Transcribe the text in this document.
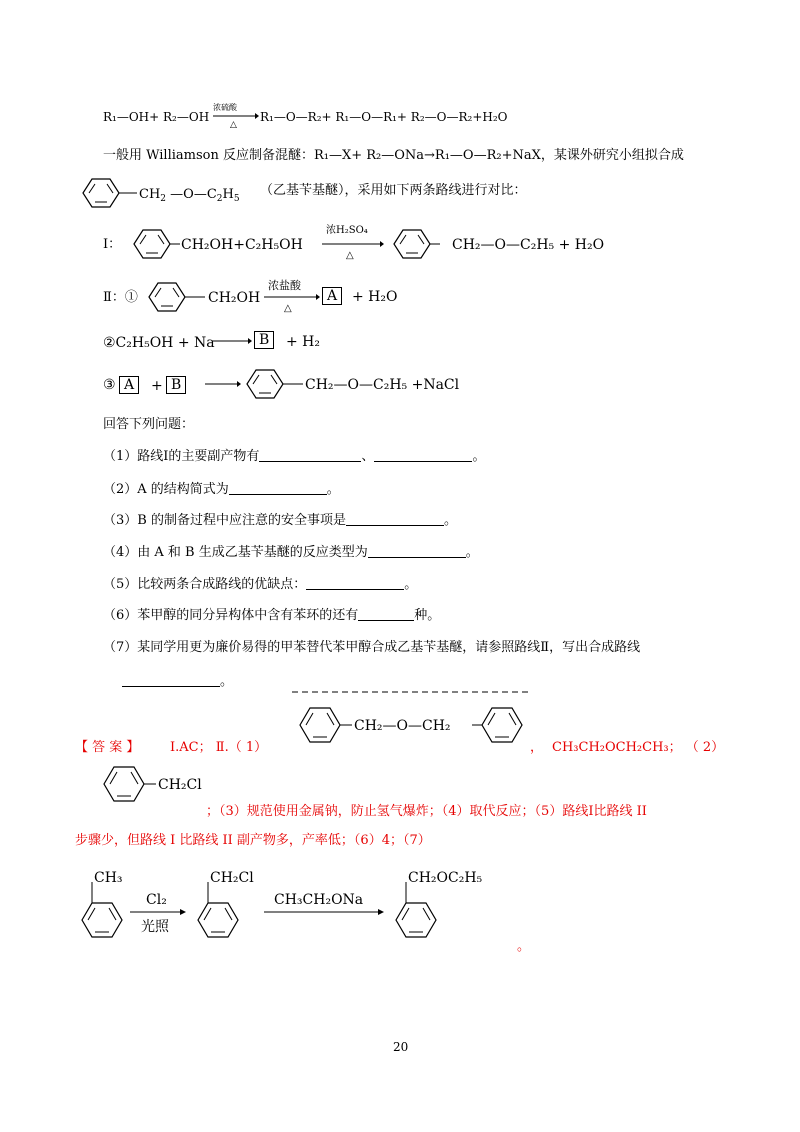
R₁—OH+ R₂—OH
浓硫酸
△
R₁—O—R₂+ R₁—O—R₁+ R₂—O—R₂+H₂O
一般用 Williamson 反应制备混醚：R₁—X+ R₂—ONa→R₁—O—R₂+NaX，某课外研究小组拟合成
$CH_2$ $—O—C_2H_5$
（乙基苄基醚），采用如下两条路线进行对比：
Ⅰ：	CH₂OH+C₂H₅OH
浓H₂SO₄
△
CH₂—O—C₂H₅ + H₂O
Ⅱ：①	CH₂OH
浓盐酸
△
A	+ H₂O
②C₂H₅OH + Na	B	+ H₂
③ A	+ B	CH₂—O—C₂H₅ +NaCl
回答下列问题：
（1）路线Ⅰ的主要副产物有	、	。
（2）A 的结构简式为	。
（3）B 的制备过程中应注意的安全事项是	。
（4）由 A 和 B 生成乙基苄基醚的反应类型为	。
（5）比较两条合成路线的优缺点：	。
（6）苯甲醇的同分异构体中含有苯环的还有	种。
（7）某同学用更为廉价易得的甲苯替代苯甲醇合成乙基苄基醚，请参照路线Ⅱ，写出合成路线
。
【 答 案 】 Ⅰ.AC； Ⅱ.（ 1）
CH₂—O—CH₂
， CH₃CH₂OCH₂CH₃； （ 2）
CH₂Cl
；（3）规范使用金属钠，防止氢气爆炸；（4）取代反应；（5）路线Ⅰ比路线 II
步骤少，但路线 I 比路线 II 副产物多，产率低；（6）4；（7）
CH₃
Cl₂
光照
CH₂Cl
CH₃CH₂ONa
CH₂OC₂H₅
。
20
